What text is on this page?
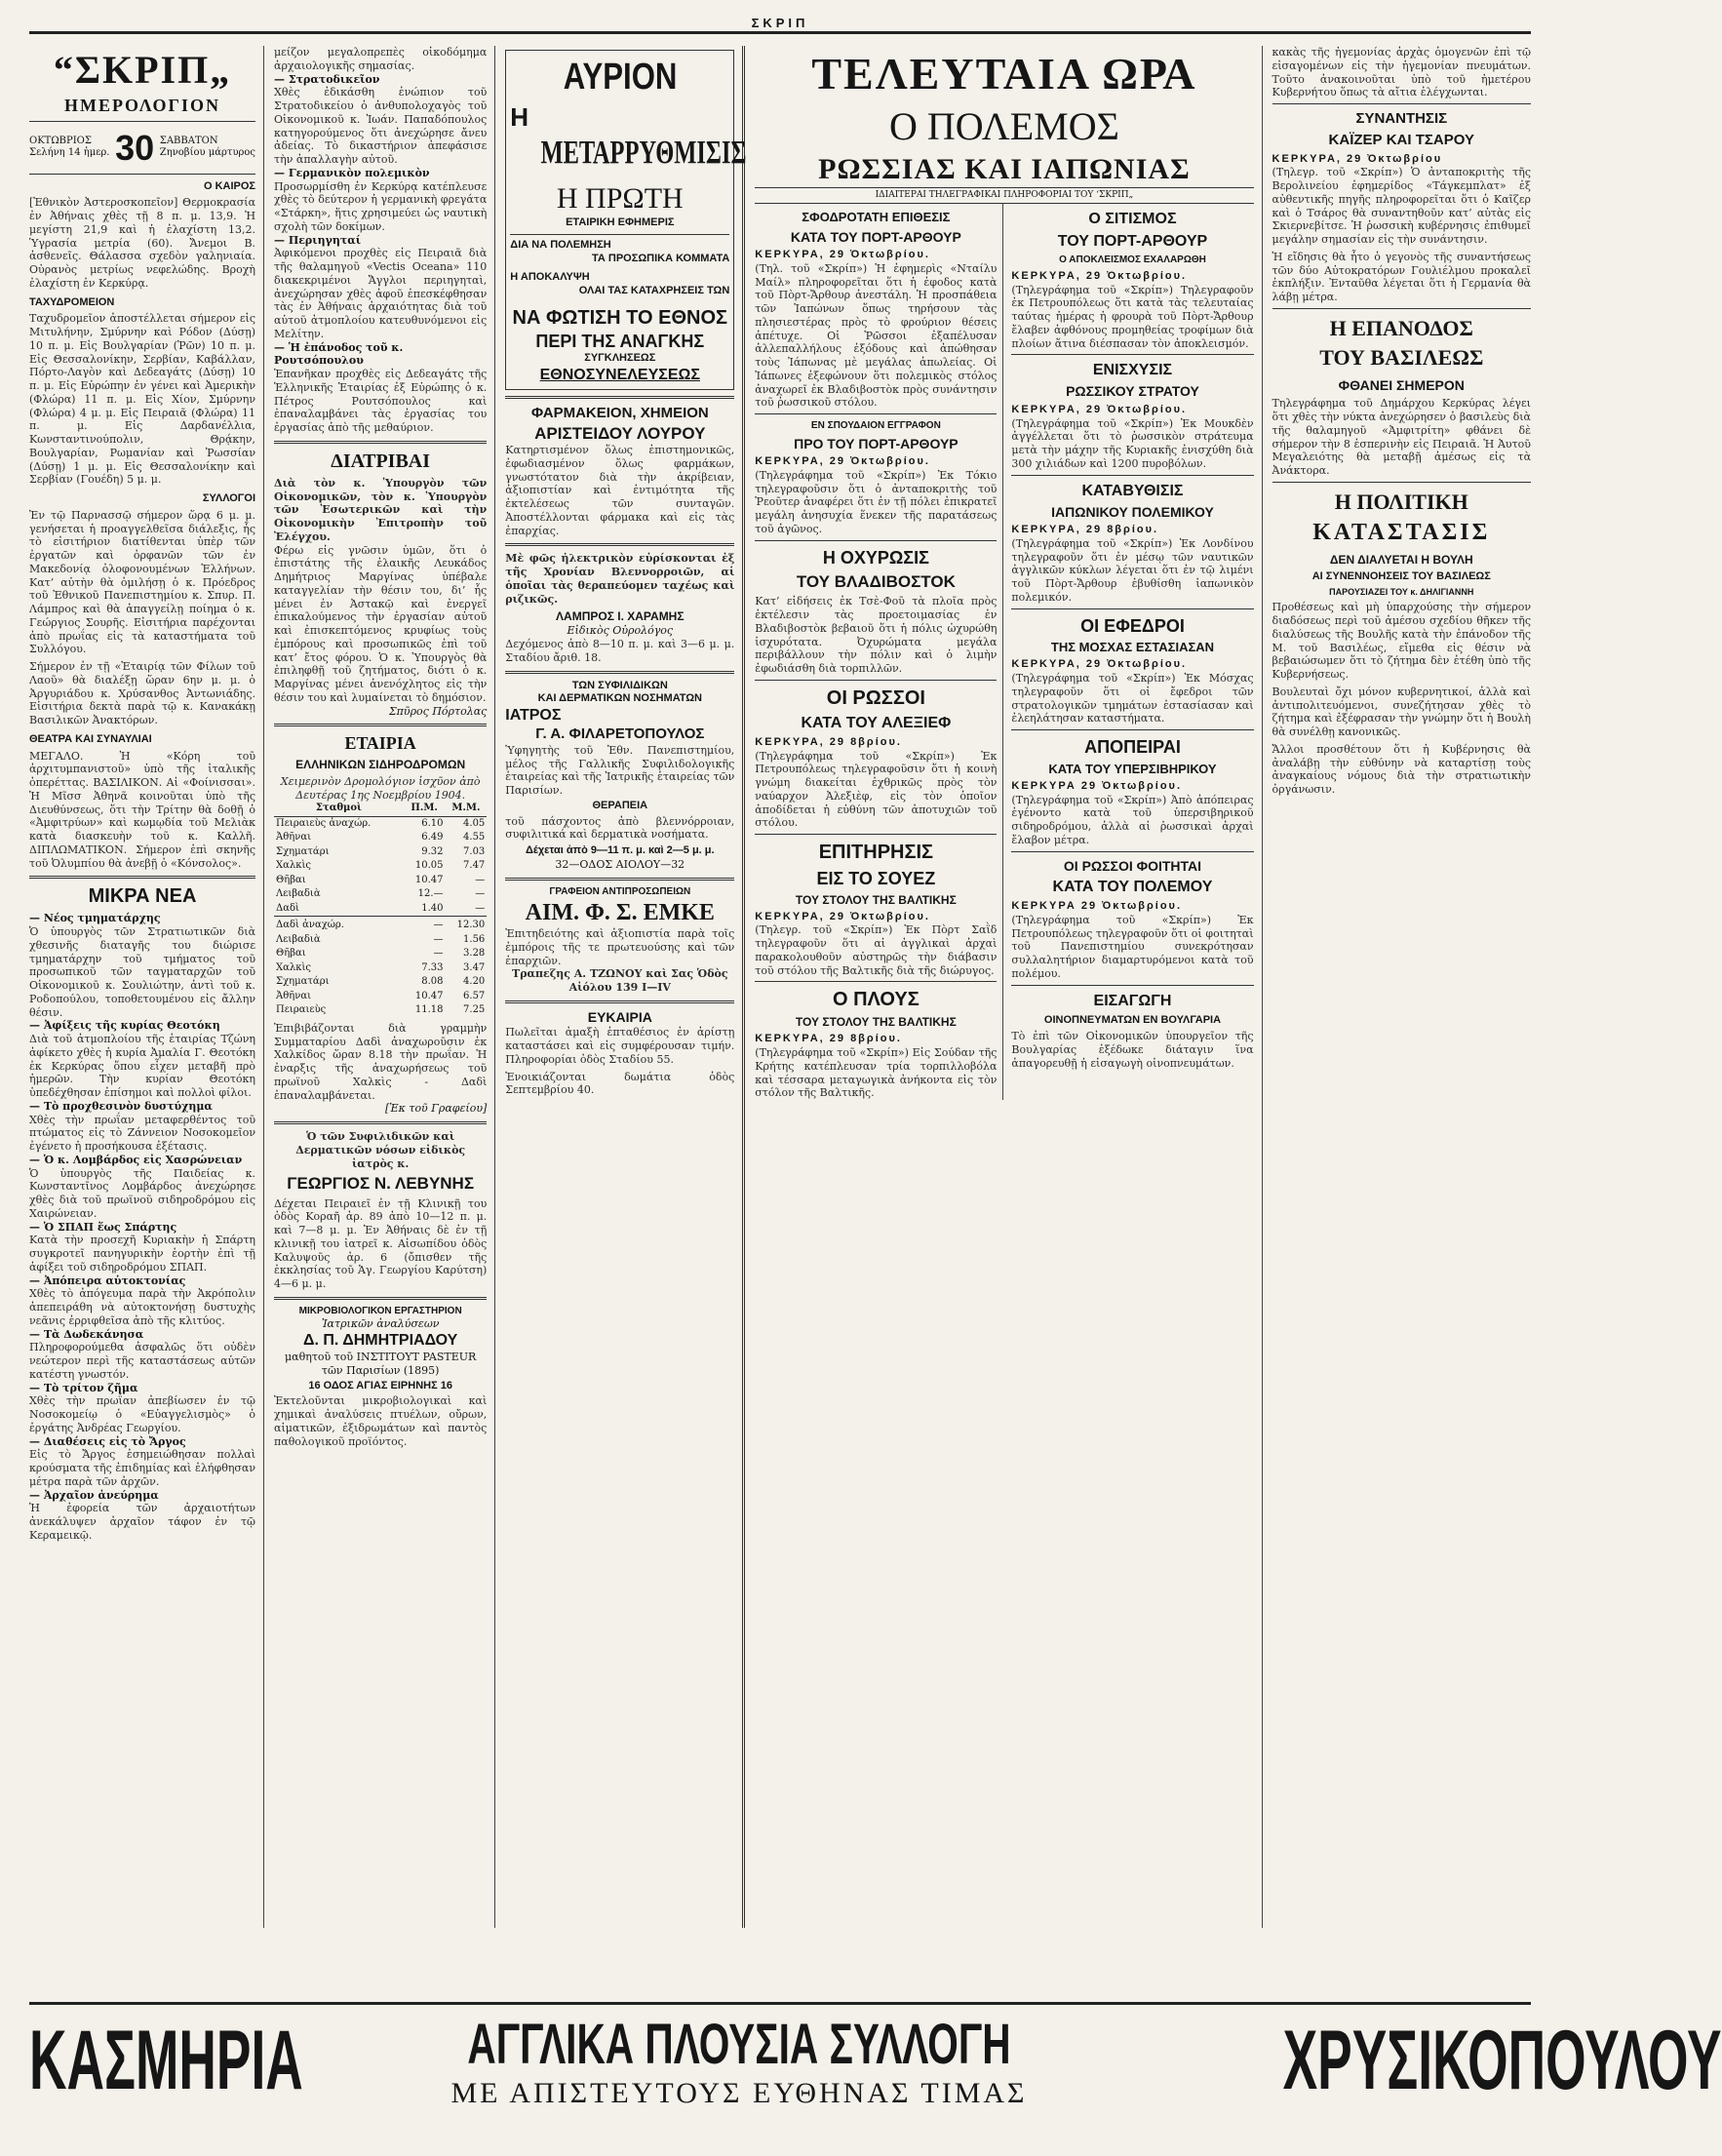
ΣΚΡΙΠ
“ΣΚΡΙΠ„
ΗΜΕΡΟΛΟΓΙΟΝ
ΟΚΤΩΒΡΙΟΣ
Σελήνη 14 ἡμερ. 30 ΣΑΒΒΑΤΟΝ
Ζηνοβίου μάρτυρος
Ο ΚΑΙΡΟΣ
[Ἐθνικὸν Ἀστεροσκοπεῖον] Θερμοκρασία ἐν Ἀθήναις χθὲς τῇ 8 π. μ. 13,9. Ἡ μεγίστη 21,9 καὶ ἡ ἐλαχίστη 13,2. Ὑγρασία μετρία (60). Ἄνεμοι Β. ἀσθενεῖς. Θάλασσα σχεδὸν γαληνιαία. Οὐρανὸς μετρίως νεφελώδης. Βροχὴ ἐλαχίστη ἐν Κερκύρᾳ.
ΤΑΧΥΔΡΟΜΕΙΟΝ
Ταχυδρομεῖον ἀποστέλλεται σήμερον εἰς Μιτυλήνην, Σμύρνην καὶ Ρόδον (Δύσῃ) 10 π. μ. Εἰς Βουλγαρίαν (Ῥῶν) 10 π. μ. Εἰς Θεσσαλονίκην, Σερβίαν, Καβάλλαν, Πόρτο-Λαγὸν καὶ Δεδεαγάτς (Δύσῃ) 10 π. μ. Εἰς Εὐρώπην ἐν γένει καὶ Ἀμερικὴν (Φλώρα) 11 π. μ. Εἰς Χίον, Σμύρνην (Φλώρα) 4 μ. μ. Εἰς Πειραιᾶ (Φλώρα) 11 π. μ. Εἰς Δαρδανέλλια, Κωνσταντινούπολιν, Θρᾴκην, Βουλγαρίαν, Ρωμανίαν καὶ Ῥωσσίαν (Δύσῃ) 1 μ. μ. Εἰς Θεσσαλονίκην καὶ Σερβίαν (Γουέδη) 5 μ. μ.
ΣΥΛΛΟΓΟΙ
Ἐν τῷ Παρνασσῷ σήμερον ὥρᾳ 6 μ. μ. γενήσεται ἡ προαγγελθεῖσα διάλεξις, ἧς τὸ εἰσιτήριον διατίθενται ὑπὲρ τῶν ἐργατῶν καὶ ὀρφανῶν τῶν ἐν Μακεδονίᾳ ὁλοφονουμένων Ἑλλήνων. Κατ’ αὐτὴν θὰ ὁμιλήσῃ ὁ κ. Πρόεδρος τοῦ Ἐθνικοῦ Πανεπιστημίου κ. Σπυρ. Π. Λάμπρος καὶ θὰ ἀπαγγείλῃ ποίημα ὁ κ. Γεώργιος Σουρῆς. Εἰσιτήρια παρέχονται ἀπὸ πρωΐας εἰς τὰ καταστήματα τοῦ Συλλόγου.
Σήμερον ἐν τῇ «Ἑταιρίᾳ τῶν Φίλων τοῦ Λαοῦ» θὰ διαλέξῃ ὥραν 6ην μ. μ. ὁ Ἀργυριάδου κ. Χρύσανθος Ἀντωνιάδης. Εἰσιτήρια δεκτὰ παρὰ τῷ κ. Κανακάκῃ Βασιλικῶν Ἀνακτόρων.
ΘΕΑΤΡΑ ΚΑΙ ΣΥΝΑΥΛΙΑΙ
ΜΕΓΑΛΟ. Ἡ «Κόρη τοῦ ἀρχιτυμπανιστοῦ» ὑπὸ τῆς ἰταλικῆς ὀπερέττας. ΒΑΣΙΛΙΚΟΝ. Αἱ «Φοίνισσαι». Ἡ Μῖσσ Ἀθηνᾶ κοινοῦται ὑπὸ τῆς Διευθύνσεως, ὅτι τὴν Τρίτην θὰ δοθῇ ὁ «Ἀμφιτρύων» καὶ κωμῳδία τοῦ Μελιὰκ κατὰ διασκευὴν τοῦ κ. Καλλῆ. ΔΙΠΛΩΜΑΤΙΚΟΝ. Σήμερον ἐπὶ σκηνῆς τοῦ Ὀλυμπίου θὰ ἀνεβῇ ὁ «Κόνσολος».
ΜΙΚΡΑ ΝΕΑ
— Νέος τμηματάρχης
Ὁ ὑπουργὸς τῶν Στρατιωτικῶν διὰ χθεσινῆς διαταγῆς του διώρισε τμηματάρχην τοῦ τμήματος τοῦ προσωπικοῦ τῶν ταγματαρχῶν τοῦ Οἰκονομικοῦ κ. Σουλιώτην, ἀντὶ τοῦ κ. Ροδοπούλου, τοποθετουμένου εἰς ἄλλην θέσιν.
— Ἀφίξεις τῆς κυρίας Θεοτόκη
Διὰ τοῦ ἀτμοπλοίου τῆς ἑταιρίας Τζώνη ἀφίκετο χθὲς ἡ κυρία Ἀμαλία Γ. Θεοτόκη ἐκ Κερκύρας ὅπου εἶχεν μεταβῆ πρὸ ἡμερῶν. Τὴν κυρίαν Θεοτόκη ὑπεδέχθησαν ἐπίσημοι καὶ πολλοὶ φίλοι.
— Τὸ προχθεσινὸν δυστύχημα
Χθὲς τὴν πρωΐαν μεταφερθέντος τοῦ πτώματος εἰς τὸ Ζάννειον Νοσοκομεῖον ἐγένετο ἡ προσήκουσα ἐξέτασις.
— Ὁ κ. Λομβάρδος εἰς Χασρώνειαν
Ὁ ὑπουργὸς τῆς Παιδείας κ. Κωνσταντῖνος Λομβάρδος ἀνεχώρησε χθὲς διὰ τοῦ πρωϊνοῦ σιδηροδρόμου εἰς Χαιρώνειαν.
— Ὁ ΣΠΑΠ ἕως Σπάρτης
Κατὰ τὴν προσεχῆ Κυριακὴν ἡ Σπάρτη συγκροτεῖ πανηγυρικὴν ἑορτὴν ἐπὶ τῇ ἀφίξει τοῦ σιδηροδρόμου ΣΠΑΠ.
— Ἀπόπειρα αὐτοκτονίας
Χθὲς τὸ ἀπόγευμα παρὰ τὴν Ἀκρόπολιν ἀπεπειράθη νὰ αὐτοκτονήσῃ δυστυχὴς νεᾶνις ἐρριφθεῖσα ἀπὸ τῆς κλιτύος.
— Τὰ Δωδεκάνησα
Πληροφορούμεθα ἀσφαλῶς ὅτι οὐδὲν νεώτερον περὶ τῆς καταστάσεως αὐτῶν κατέστη γνωστόν.
— Τὸ τρίτον ζῆμα
Χθὲς τὴν πρωΐαν ἀπεβίωσεν ἐν τῷ Νοσοκομείῳ ὁ «Εὐαγγελισμὸς» ὁ ἐργάτης Ἀνδρέας Γεωργίου.
— Διαθέσεις εἰς τὸ Ἄργος
Εἰς τὸ Ἄργος ἐσημειώθησαν πολλαὶ κρούσματα τῆς ἐπιδημίας καὶ ἐλήφθησαν μέτρα παρὰ τῶν ἀρχῶν.
— Ἀρχαῖον ἀνεύρημα
Ἡ ἐφορεία τῶν ἀρχαιοτήτων ἀνεκάλυψεν ἀρχαῖον τάφον ἐν τῷ Κεραμεικῷ.
μείζον μεγαλοπρεπὲς οἰκοδόμημα ἀρχαιολογικῆς σημασίας.
— Στρατοδικεῖον
Χθὲς ἐδικάσθη ἐνώπιον τοῦ Στρατοδικείου ὁ ἀνθυπολοχαγὸς τοῦ Οἰκονομικοῦ κ. Ἰωάν. Παπαδόπουλος κατηγορούμενος ὅτι ἀνεχώρησε ἄνευ ἀδείας. Τὸ δικαστήριον ἀπεφάσισε τὴν ἀπαλλαγὴν αὐτοῦ.
— Γερμανικὸν πολεμικὸν
Προσωρμίσθη ἐν Κερκύρᾳ κατέπλευσε χθὲς τὸ δεύτερον ἡ γερμανικὴ φρεγάτα «Στάρκη», ἥτις χρησιμεύει ὡς ναυτικὴ σχολὴ τῶν δοκίμων.
— Περιηγηταί
Ἀφικόμενοι προχθὲς εἰς Πειραιᾶ διὰ τῆς θαλαμηγοῦ «Vectis Oceana» 110 διακεκριμένοι Ἄγγλοι περιηγηταὶ, ἀνεχώρησαν χθὲς ἀφοῦ ἐπεσκέφθησαν τὰς ἐν Ἀθήναις ἀρχαιότητας διὰ τοῦ αὐτοῦ ἀτμοπλοίου κατευθυνόμενοι εἰς Μελίτην.
— Ἡ ἐπάνοδος τοῦ κ. Ρουτσόπουλου
Ἐπανῆκαν προχθὲς εἰς Δεδεαγάτς τῆς Ἑλληνικῆς Ἑταιρίας ἐξ Εὐρώπης ὁ κ. Πέτρος Ρουτσόπουλος καὶ ἐπαναλαμβάνει τὰς ἐργασίας του ἐργασίας ἀπὸ τῆς μεθαύριον.
ΔΙΑΤΡΙΒΑΙ
Διὰ τὸν κ. Ὑπουργὸν τῶν Οἰκονομικῶν, τὸν κ. Ὑπουργὸν τῶν Ἐσωτερικῶν καὶ τὴν Οἰκονομικὴν Ἐπιτροπὴν τοῦ Ἐλέγχου.
Φέρω εἰς γνῶσιν ὑμῶν, ὅτι ὁ ἐπιστάτης τῆς ἐλαικῆς Λευκάδος Δημήτριος Μαργίνας ὑπέβαλε καταγγελίαν τὴν θέσιν του, δι’ ἧς μένει ἐν Ἀστακῷ καὶ ἐνεργεῖ ἐπικαλούμενος τὴν ἐργασίαν αὐτοῦ καὶ ἐπισκεπτόμενος κρυφίως τοὺς ἐμπόρους καὶ προσωπικῶς ἐπὶ τοῦ κατ’ ἔτος φόρου. Ὁ κ. Ὑπουργὸς θὰ ἐπιληφθῇ τοῦ ζητήματος, διότι ὁ κ. Μαργίνας μένει ἀνενόχλητος εἰς τὴν θέσιν του καὶ λυμαίνεται τὸ δημόσιον.
Σπῦρος Πόρτολας
ΕΤΑΙΡΙΑ
ΕΛΛΗΝΙΚΩΝ ΣΙΔΗΡΟΔΡΟΜΩΝ
Χειμερινὸν Δρομολόγιον ἰσχῦον ἀπὸ Δευτέρας 1ης Νοεμβρίου 1904.
Σταθμοὶ	Π.Μ.	Μ.Μ.
Πειραιεὺς ἀναχώρ.	6.10	4.05
Ἀθῆναι	6.49	4.55
Σχηματάρι	9.32	7.03
Χαλκὶς	10.05	7.47
Θῆβαι	10.47	—
Λειβαδιὰ	12.—	—
Δαδὶ	1.40	—

Δαδὶ ἀναχώρ.	—	12.30
Λειβαδιὰ	—	1.56
Θῆβαι	—	3.28
Χαλκὶς	7.33	3.47
Σχηματάρι	8.08	4.20
Ἀθῆναι	10.47	6.57
Πειραιεὺς	11.18	7.25
Ἐπιβιβάζονται διὰ γραμμὴν Συμματαρίου Δαδὶ ἀναχωροῦσιν ἐκ Χαλκίδος ὥραν 8.18 τὴν πρωΐαν. Ἡ ἐναρξις τῆς ἀναχωρήσεως τοῦ πρωϊνοῦ Χαλκὶς - Δαδὶ ἐπαναλαμβάνεται.
[Ἐκ τοῦ Γραφείου]
Ὁ τῶν Συφιλιδικῶν καὶ Δερματικῶν νόσων εἰδικὸς ἰατρὸς κ.
ΓΕΩΡΓΙΟΣ Ν. ΛΕΒΥΝΗΣ
Δέχεται Πειραιεῖ ἐν τῇ Κλινικῇ του ὁδὸς Κοραῆ ἀρ. 89 ἀπὸ 10—12 π. μ. καὶ 7—8 μ. μ. Ἐν Ἀθήναις δὲ ἐν τῇ κλινικῇ του ἰατρεῖ κ. Αἰσωπίδου ὁδὸς Καλυψοῦς ἀρ. 6 (ὄπισθεν τῆς ἐκκλησίας τοῦ Ἁγ. Γεωργίου Καρύτση) 4—6 μ. μ.
ΜΙΚΡΟΒΙΟΛΟΓΙΚΟΝ ΕΡΓΑΣΤΗΡΙΟΝ
Ἰατρικῶν ἀναλύσεων
Δ. Π. ΔΗΜΗΤΡΙΑΔΟΥ
μαθητοῦ τοῦ ΙΝΣΤΙΤΟΥΤ PASTEUR τῶν Παρισίων (1895)
16 ΟΔΟΣ ΑΓΙΑΣ ΕΙΡΗΝΗΣ 16
Ἐκτελοῦνται μικροβιολογικαὶ καὶ χημικαὶ ἀναλύσεις πτυέλων, οὔρων, αἱματικῶν, ἐξιδρωμάτων καὶ παντὸς παθολογικοῦ προϊόντος.
ΑΥΡΙΟΝ
Η
ΜΕΤΑΡΡΥΘΜΙΣΙΣ
Η ΠΡΩΤΗ
ΕΤΑΙΡΙΚΗ ΕΦΗΜΕΡΙΣ
ΔΙΑ ΝΑ ΠΟΛΕΜΗΣΗ
ΤΑ ΠΡΟΣΩΠΙΚΑ ΚΟΜΜΑΤΑ
Η ΑΠΟΚΑΛΥΨΗ
ΟΛΑΙ ΤΑΣ ΚΑΤΑΧΡΗΣΕΙΣ ΤΩΝ
ΝΑ ΦΩΤΙΣΗ ΤΟ ΕΘΝΟΣ
ΠΕΡΙ ΤΗΣ ΑΝΑΓΚΗΣ
ΣΥΓΚΛΗΣΕΩΣ
ΕΘΝΟΣΥΝΕΛΕΥΣΕΩΣ
ΦΑΡΜΑΚΕΙΟΝ, ΧΗΜΕΙΟΝ
ΑΡΙΣΤΕΙΔΟΥ ΛΟΥΡΟΥ
Κατηρτισμένον ὅλως ἐπιστημονικῶς, ἐφωδιασμένον ὅλως φαρμάκων, γνωστότατον διὰ τὴν ἀκρίβειαν, ἀξιοπιστίαν καὶ ἐντιμότητα τῆς ἐκτελέσεως τῶν συνταγῶν. Ἀποστέλλονται φάρμακα καὶ εἰς τὰς ἐπαρχίας.
Μὲ φῶς ἠλεκτρικὸν εὑρίσκονται ἐξ τῆς Χρονίαν Βλεννορροιῶν, αἱ ὁποῖαι τὰς θεραπεύομεν ταχέως καὶ ριζικῶς.
ΛΑΜΠΡΟΣ Ι. ΧΑΡΑΜΗΣ
Εἰδικὸς Οὐρολόγος
Δεχόμενος ἀπὸ 8—10 π. μ. καὶ 3—6 μ. μ. Σταδίου ἄριθ. 18.
ΤΩΝ ΣΥΦΙΛΙΔΙΚΩΝ
ΚΑΙ ΔΕΡΜΑΤΙΚΩΝ ΝΟΣΗΜΑΤΩΝ
ΙΑΤΡΟΣ
Γ. Α. ΦΙΛΑΡΕΤΟΠΟΥΛΟΣ
Ὑφηγητὴς τοῦ Ἐθν. Πανεπιστημίου, μέλος τῆς Γαλλικῆς Συφιλιδολογικῆς ἑταιρείας καὶ τῆς Ἰατρικῆς ἑταιρείας τῶν Παρισίων.
ΘΕΡΑΠΕΙΑ
τοῦ πάσχοντος ἀπὸ βλεννόρροιαν, συφιλιτικά καὶ δερματικὰ νοσήματα.
Δέχεται ἀπὸ 9—11 π. μ. καὶ 2—5 μ. μ.
32—ΟΔΟΣ ΑΙΟΛΟΥ—32
ΓΡΑΦΕΙΟΝ ΑΝΤΙΠΡΟΣΩΠΕΙΩΝ
ΑΙΜ. Φ. Σ. ΕΜΚΕ
Ἐπιτηδειότης καὶ ἀξιοπιστία παρὰ τοῖς ἐμπόροις τῆς τε πρωτευούσης καὶ τῶν ἐπαρχιῶν.
Τραπεζης Α. ΤΖΩΝΟΥ καὶ Σας Ὁδὸς Αἰόλου 139 Ι—ΙV
ΕΥΚΑΙΡΙΑ
Πωλεῖται ἀμαξὴ ἑπταθέσιος ἐν ἀρίστῃ καταστάσει καὶ εἰς συμφέρουσαν τιμήν. Πληροφορίαι ὁδὸς Σταδίου 55.
Ἐνοικιάζονται δωμάτια ὁδὸς Σεπτεμβρίου 40.
ΤΕΛΕΥΤΑΙΑ ΩΡΑ
Ο ΠΟΛΕΜΟΣ
ΡΩΣΣΙΑΣ ΚΑΙ ΙΑΠΩΝΙΑΣ
ΙΔΙΑΙΤΕΡΑΙ ΤΗΛΕΓΡΑΦΙΚΑΙ ΠΛΗΡΟΦΟΡΙΑΙ ΤΟΥ ‘ΣΚΡΙΠ„
ΣΦΟΔΡΟΤΑΤΗ ΕΠΙΘΕΣΙΣ
ΚΑΤΑ ΤΟΥ ΠΟΡΤ-ΑΡΘΟΥΡ
ΚΕΡΚΥΡΑ, 29 Ὀκτωβρίου.
(Τηλ. τοῦ «Σκρίπ») Ἡ ἐφημερὶς «Νταίλυ Μαίλ» πληροφορεῖται ὅτι ἡ ἐφοδος κατὰ τοῦ Πὸρτ-Ἄρθουρ ἀνεστάλη. Ἡ προσπάθεια τῶν Ἰαπώνων ὅπως τηρήσουν τὰς πλησιεστέρας πρὸς τὸ φρούριον θέσεις ἀπέτυχε. Οἱ Ῥῶσσοι ἐξαπέλυσαν ἀλλεπαλλήλους ἐξόδους καὶ ἀπώθησαν τοὺς Ἰάπωνας μὲ μεγάλας ἀπωλείας. Οἱ Ἰάπωνες ἐξεφώνουν ὅτι πολεμικὸς στόλος ἀναχωρεῖ ἐκ Βλαδιβοστὸκ πρὸς συνάντησιν τοῦ ῥωσσικοῦ στόλου.
ΕΝ ΣΠΟΥΔΑΙΟΝ ΕΓΓΡΑΦΟΝ
ΠΡΟ ΤΟΥ ΠΟΡΤ-ΑΡΘΟΥΡ
ΚΕΡΚΥΡΑ, 29 Ὀκτωβρίου.
(Τηλεγράφημα τοῦ «Σκρίπ») Ἐκ Τόκιο τηλεγραφοῦσιν ὅτι ὁ ἀνταποκριτὴς τοῦ Ῥεοῦτερ ἀναφέρει ὅτι ἐν τῇ πόλει ἐπικρατεῖ μεγάλη ἀνησυχία ἕνεκεν τῆς παρατάσεως τοῦ ἀγῶνος.
Η ΟΧΥΡΩΣΙΣ
ΤΟΥ ΒΛΑΔΙΒΟΣΤΟΚ
Κατ’ εἰδήσεις ἐκ Τσὲ-Φοῦ τὰ πλοῖα πρὸς ἐκτέλεσιν τὰς προετοιμασίας ἐν Βλαδιβοστὸκ βεβαιοῦ ὅτι ἡ πόλις ὠχυρώθη ἰσχυρότατα. Ὀχυρώματα μεγάλα περιβάλλουν τὴν πόλιν καὶ ὁ λιμὴν ἐφωδιάσθη διὰ τορπιλλῶν.
ΟΙ ΡΩΣΣΟΙ
ΚΑΤΑ ΤΟΥ ΑΛΕΞΙΕΦ
ΚΕΡΚΥΡΑ, 29 8βρίου.
(Τηλεγράφημα τοῦ «Σκρίπ») Ἐκ Πετρουπόλεως τηλεγραφοῦσιν ὅτι ἡ κοινὴ γνώμη διακείται ἐχθρικῶς πρὸς τὸν ναύαρχον Ἀλεξιὲφ, εἰς τὸν ὁποῖον ἀποδίδεται ἡ εὐθύνη τῶν ἀποτυχιῶν τοῦ στόλου.
ΕΠΙΤΗΡΗΣΙΣ
ΕΙΣ ΤΟ ΣΟΥΕΖ
ΤΟΥ ΣΤΟΛΟΥ ΤΗΣ ΒΑΛΤΙΚΗΣ
ΚΕΡΚΥΡΑ, 29 Ὀκτωβρίου.
(Τηλεγρ. τοῦ «Σκρίπ») Ἐκ Πὸρτ Σαῒδ τηλεγραφοῦν ὅτι αἱ ἀγγλικαὶ ἀρχαὶ παρακολουθοῦν αὐστηρῶς τὴν διάβασιν τοῦ στόλου τῆς Βαλτικῆς διὰ τῆς διώρυγος.
Ο ΠΛΟΥΣ
ΤΟΥ ΣΤΟΛΟΥ ΤΗΣ ΒΑΛΤΙΚΗΣ
ΚΕΡΚΥΡΑ, 29 8βρίου.
(Τηλεγράφημα τοῦ «Σκρίπ») Εἰς Σούδαν τῆς Κρήτης κατέπλευσαν τρία τορπιλλοβόλα καὶ τέσσαρα μεταγωγικὰ ἀνήκοντα εἰς τὸν στόλον τῆς Βαλτικῆς.
Ο ΣΙΤΙΣΜΟΣ
ΤΟΥ ΠΟΡΤ-ΑΡΘΟΥΡ
Ο ΑΠΟΚΛΕΙΣΜΟΣ ΕΧΑΛΑΡΩΘΗ
ΚΕΡΚΥΡΑ, 29 Ὀκτωβρίου.
(Τηλεγράφημα τοῦ «Σκρίπ») Τηλεγραφοῦν ἐκ Πετρουπόλεως ὅτι κατὰ τὰς τελευταίας ταύτας ἡμέρας ἡ φρουρὰ τοῦ Πὸρτ-Ἄρθουρ ἔλαβεν ἀφθόνους προμηθείας τροφίμων διὰ πλοίων ἅτινα διέσπασαν τὸν ἀποκλεισμόν.
ΕΝΙΣΧΥΣΙΣ
ΡΩΣΣΙΚΟΥ ΣΤΡΑΤΟΥ
ΚΕΡΚΥΡΑ, 29 Ὀκτωβρίου.
(Τηλεγράφημα τοῦ «Σκρίπ») Ἐκ Μουκδὲν ἀγγέλλεται ὅτι τὸ ῥωσσικὸν στράτευμα μετὰ τὴν μάχην τῆς Κυριακῆς ἐνισχύθη διὰ 300 χιλιάδων καὶ 1200 πυροβόλων.
ΚΑΤΑΒΥΘΙΣΙΣ
ΙΑΠΩΝΙΚΟΥ ΠΟΛΕΜΙΚΟΥ
ΚΕΡΚΥΡΑ, 29 8βρίου.
(Τηλεγράφημα τοῦ «Σκρίπ») Ἐκ Λονδίνου τηλεγραφοῦν ὅτι ἐν μέσῳ τῶν ναυτικῶν ἀγγλικῶν κύκλων λέγεται ὅτι ἐν τῷ λιμένι τοῦ Πὸρτ-Ἄρθουρ ἐβυθίσθη ἰαπωνικὸν πολεμικόν.
ΟΙ ΕΦΕΔΡΟΙ
ΤΗΣ ΜΟΣΧΑΣ ΕΣΤΑΣΙΑΣΑΝ
ΚΕΡΚΥΡΑ, 29 Ὀκτωβρίου.
(Τηλεγράφημα τοῦ «Σκρίπ») Ἐκ Μόσχας τηλεγραφοῦν ὅτι οἱ ἔφεδροι τῶν στρατολογικῶν τμημάτων ἐστασίασαν καὶ ἐλεηλάτησαν καταστήματα.
ΑΠΟΠΕΙΡΑΙ
ΚΑΤΑ ΤΟΥ ΥΠΕΡΣΙΒΗΡΙΚΟΥ
ΚΕΡΚΥΡΑ 29 Ὀκτωβρίου.
(Τηλεγράφημα τοῦ «Σκρίπ») Ἀπὸ ἀπόπειρας ἐγένοντο κατὰ τοῦ ὑπερσιβηρικοῦ σιδηροδρόμου, ἀλλὰ αἱ ῥωσσικαὶ ἀρχαὶ ἔλαβον μέτρα.
ΟΙ ΡΩΣΣΟΙ ΦΟΙΤΗΤΑΙ
ΚΑΤΑ ΤΟΥ ΠΟΛΕΜΟΥ
ΚΕΡΚΥΡΑ 29 Ὀκτωβρίου.
(Τηλεγράφημα τοῦ «Σκρίπ») Ἐκ Πετρουπόλεως τηλεγραφοῦν ὅτι οἱ φοιτηταὶ τοῦ Πανεπιστημίου συνεκρότησαν συλλαλητήριον διαμαρτυρόμενοι κατὰ τοῦ πολέμου.
ΕΙΣΑΓΩΓΗ
ΟΙΝΟΠΝΕΥΜΑΤΩΝ ΕΝ ΒΟΥΛΓΑΡΙΑ
Τὸ ἐπὶ τῶν Οἰκονομικῶν ὑπουργεῖον τῆς Βουλγαρίας ἐξέδωκε διάταγιν ἵνα ἀπαγορευθῇ ἡ εἰσαγωγὴ οἰνοπνευμάτων.
κακὰς τῆς ἡγεμονίας ἀρχὰς ὁμογενῶν ἐπὶ τῷ εἰσαγομένων εἰς τὴν ἡγεμονίαν πνευμάτων. Τοῦτο ἀνακοινοῦται ὑπὸ τοῦ ἡμετέρου Κυβερνήτου ὅπως τὰ αἴτια ἐλέγχωνται.
ΣΥΝΑΝΤΗΣΙΣ
ΚΑΪΖΕΡ ΚΑΙ ΤΣΑΡΟΥ
ΚΕΡΚΥΡΑ, 29 Ὀκτωβρίου
(Τηλεγρ. τοῦ «Σκρίπ») Ὁ ἀνταποκριτὴς τῆς Βερολινείου ἐφημερίδος «Τάγκεμπλατ» ἐξ αὐθεντικῆς πηγῆς πληροφορεῖται ὅτι ὁ Καῖζερ καὶ ὁ Τσάρος θὰ συναντηθοῦν κατ’ αὐτὰς εἰς Σκιερνεβίτσε. Ἡ ῥωσσικὴ κυβέρνησις ἐπιθυμεῖ μεγάλην σημασίαν εἰς τὴν συνάντησιν.
Ἡ εἴδησις θὰ ἦτο ὁ γεγονὸς τῆς συναντήσεως τῶν δύο Αὐτοκρατόρων Γουλιέλμου προκαλεῖ ἐκπλήξιν. Ἐνταῦθα λέγεται ὅτι ἡ Γερμανία θὰ λάβῃ μέτρα.
Η ΕΠΑΝΟΔΟΣ
ΤΟΥ ΒΑΣΙΛΕΩΣ
ΦΘΑΝΕΙ ΣΗΜΕΡΟΝ
Τηλεγράφημα τοῦ Δημάρχου Κερκύρας λέγει ὅτι χθὲς τὴν νύκτα ἀνεχώρησεν ὁ βασιλεὺς διὰ τῆς θαλαμηγοῦ «Ἀμφιτρίτη» φθάνει δὲ σήμερον τὴν 8 ἑσπερινὴν εἰς Πειραιᾶ. Ἡ Ἀυτοῦ Μεγαλειότης θὰ μεταβῇ ἀμέσως εἰς τὰ Ἀνάκτορα.
Η ΠΟΛΙΤΙΚΗ
ΚΑΤΑΣΤΑΣΙΣ
ΔΕΝ ΔΙΑΛΥΕΤΑΙ Η ΒΟΥΛΗ
ΑΙ ΣΥΝΕΝΝΟΗΣΕΙΣ ΤΟΥ ΒΑΣΙΛΕΩΣ
ΠΑΡΟΥΣΙΑΖΕΙ ΤΟΥ κ. ΔΗΛΙΓΙΑΝΝΗ
Προθέσεως καὶ μὴ ὑπαρχούσης τὴν σήμερον διαδόσεως περὶ τοῦ ἀμέσου σχεδίου θῆκεν τῆς διαλύσεως τῆς Βουλῆς κατὰ τὴν ἐπάνοδον τῆς Μ. τοῦ Βασιλέως, εἴμεθα εἰς θέσιν νὰ βεβαιώσωμεν ὅτι τὸ ζήτημα δὲν ἐτέθη ὑπὸ τῆς Κυβερνήσεως.
Βουλευταὶ ὄχι μόνον κυβερνητικοί, ἀλλὰ καὶ ἀντιπολιτευόμενοι, συνεζήτησαν χθὲς τὸ ζήτημα καὶ ἐξέφρασαν τὴν γνώμην ὅτι ἡ Βουλὴ θὰ συνέλθῃ κανονικῶς.
Ἄλλοι προσθέτουν ὅτι ἡ Κυβέρνησις θὰ ἀναλάβῃ τὴν εὐθύνην νὰ καταρτίσῃ τοὺς ἀναγκαίους νόμους διὰ τὴν στρατιωτικὴν ὀργάνωσιν.
ΚΑΣΜΗΡΙΑ	ΑΓΓΛΙΚΑ ΠΛΟΥΣΙΑ ΣΥΛΛΟΓΗ
ΜΕ ΑΠΙΣΤΕΥΤΟΥΣ ΕΥΘΗΝΑΣ ΤΙΜΑΣ	ΧΡΥΣΙΚΟΠΟΥΛΟΥ
